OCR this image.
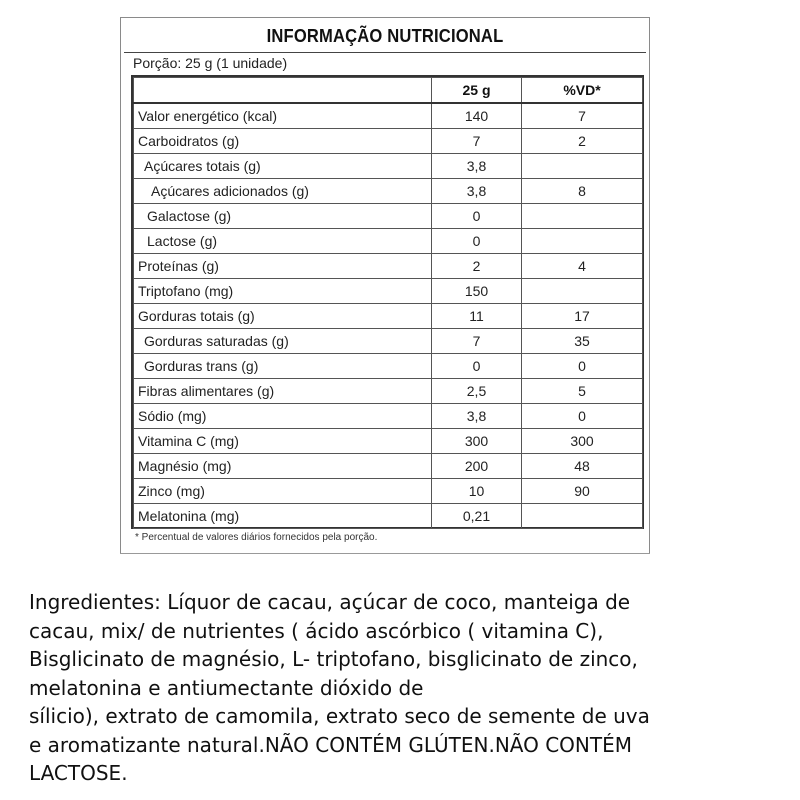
INFORMAÇÃO NUTRICIONAL
Porção: 25 g (1 unidade)
	25 g	%VD*
Valor energético (kcal)	140	7
Carboidratos (g)	7	2
Açúcares totais (g)	3,8	
Açúcares adicionados (g)	3,8	8
Galactose (g)	0	
Lactose (g)	0	
Proteínas (g)	2	4
Triptofano (mg)	150	
Gorduras totais (g)	11	17
Gorduras saturadas (g)	7	35
Gorduras trans (g)	0	0
Fibras alimentares (g)	2,5	5
Sódio (mg)	3,8	0
Vitamina C (mg)	300	300
Magnésio (mg)	200	48
Zinco (mg)	10	90
Melatonina (mg)	0,21	
* Percentual de valores diários fornecidos pela porção.
Ingredientes: Líquor de cacau, açúcar de coco, manteiga de
cacau, mix/ de nutrientes ( ácido ascórbico ( vitamina C),
Bisglicinato de magnésio, L- triptofano, bisglicinato de zinco,
melatonina e antiumectante dióxido de
sílicio), extrato de camomila, extrato seco de semente de uva
e aromatizante natural.NÃO CONTÉM GLÚTEN.NÃO CONTÉM
LACTOSE.
